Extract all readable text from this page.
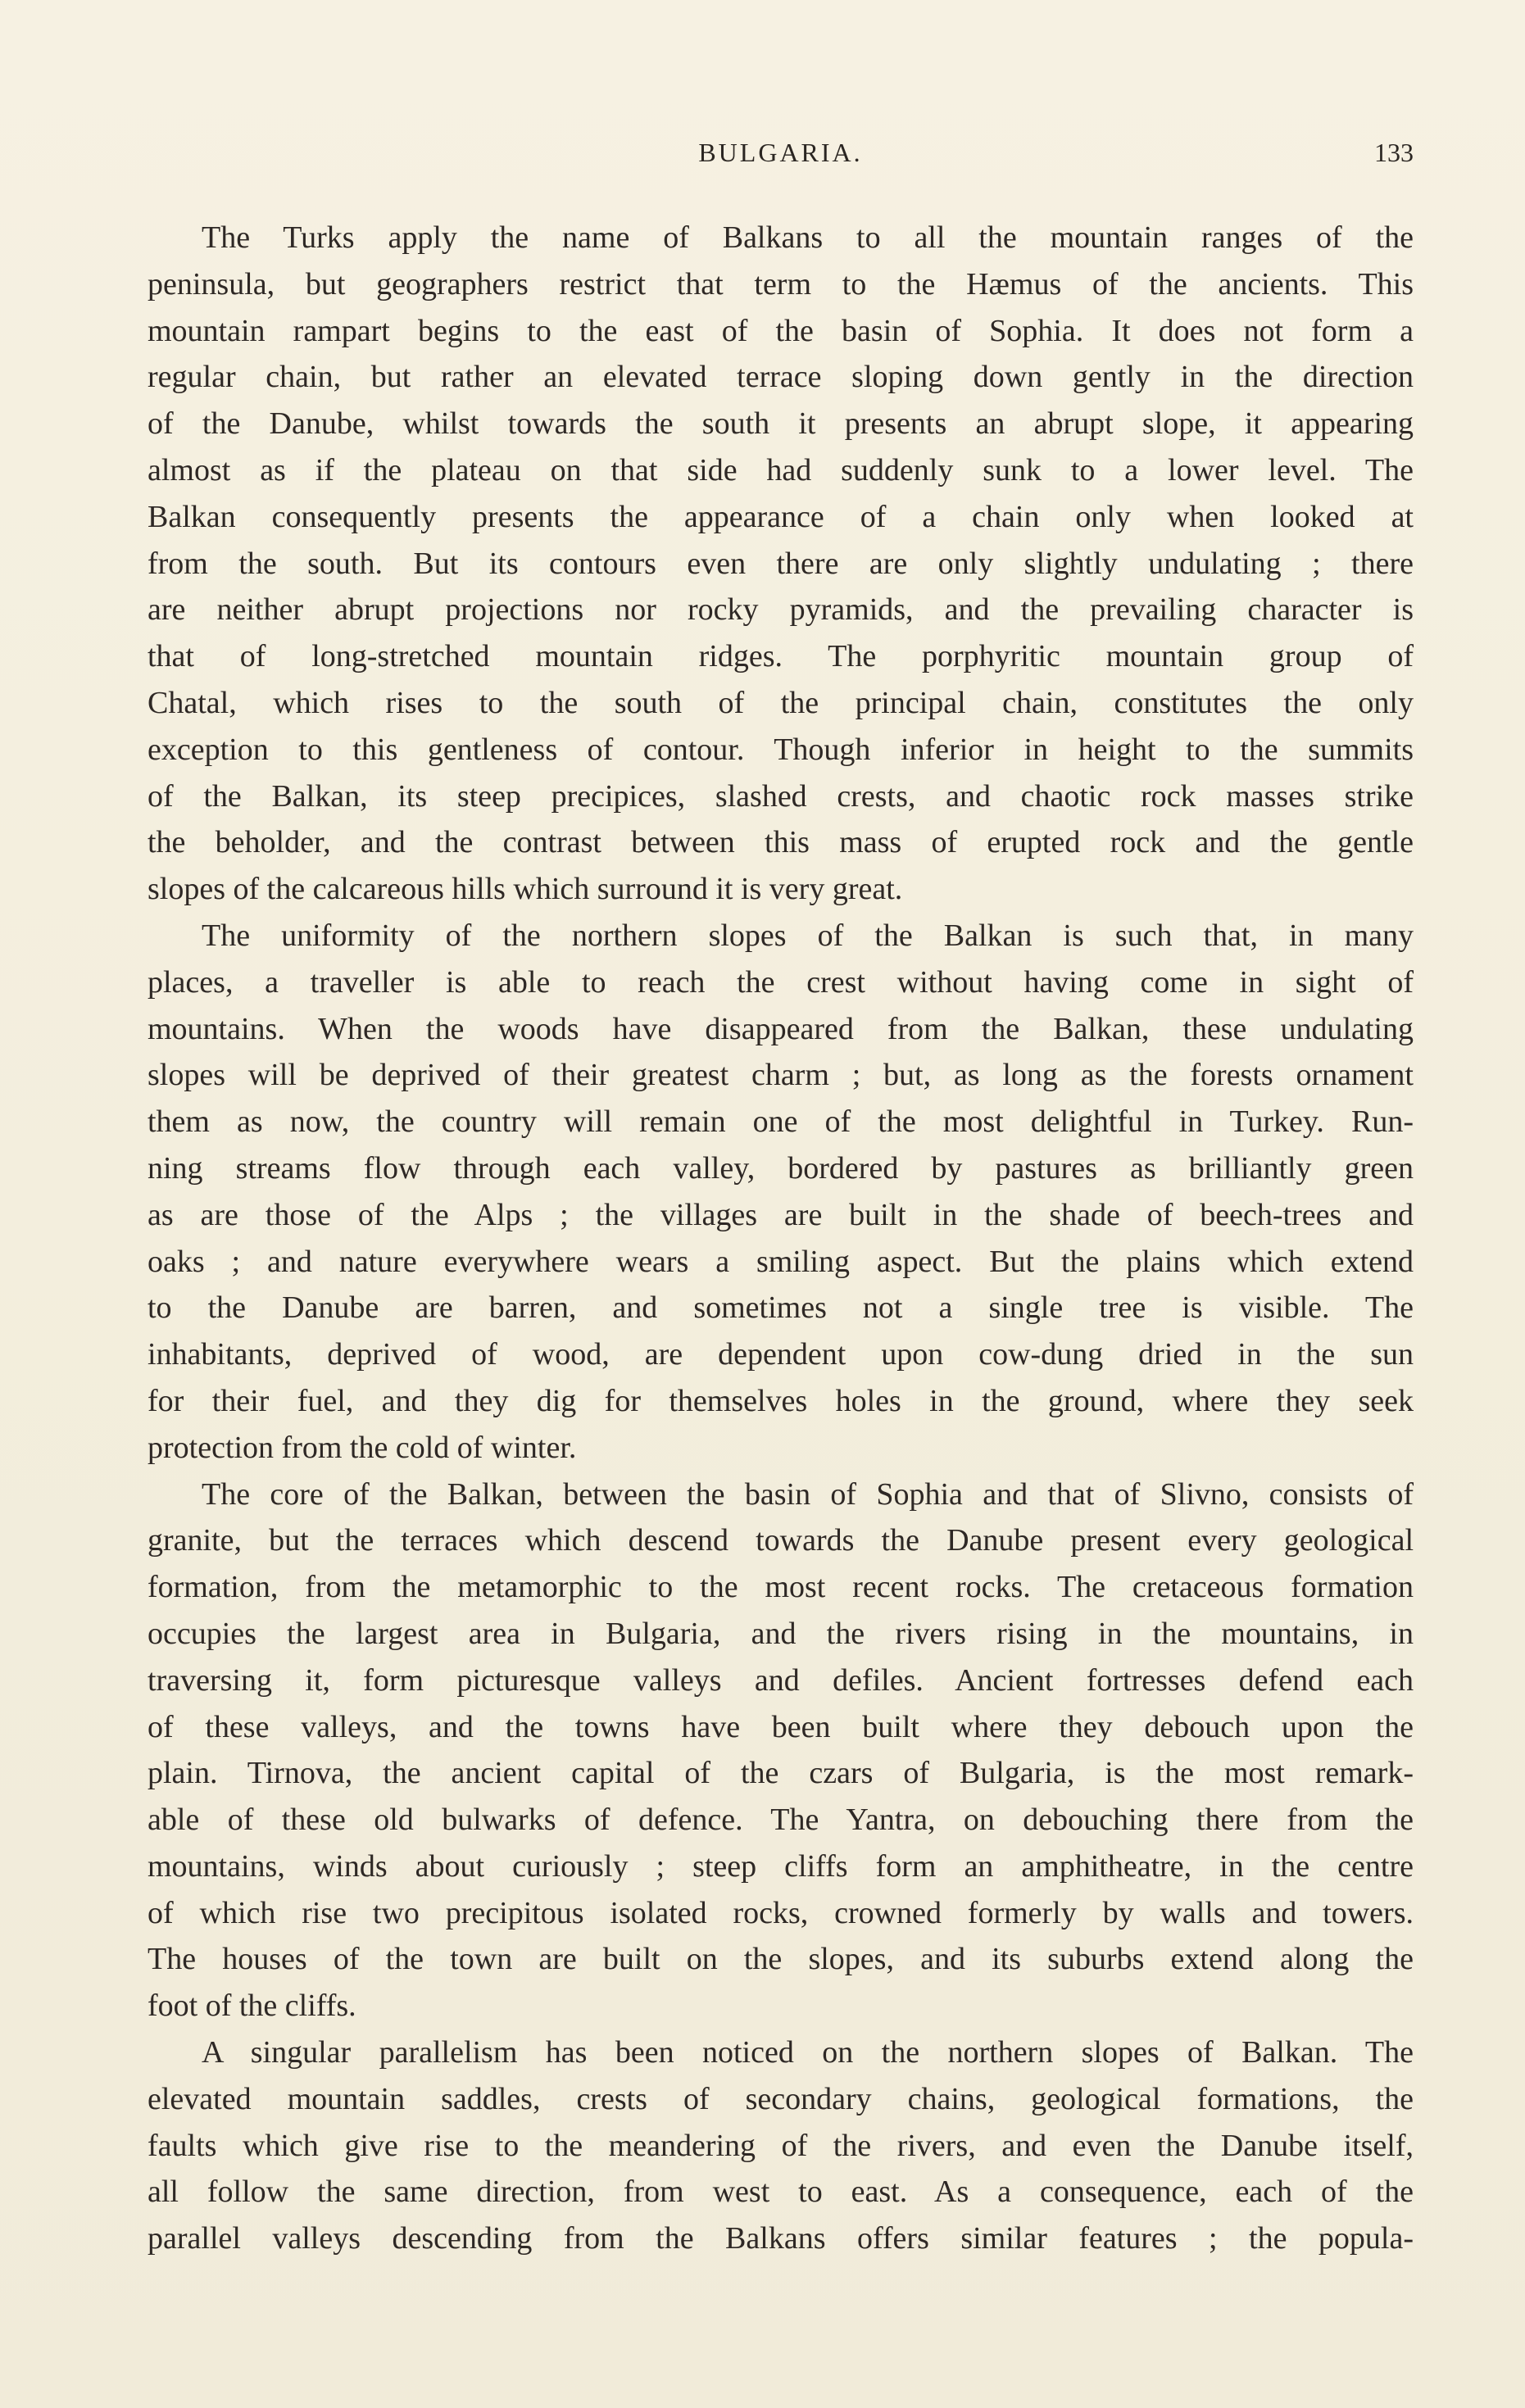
BULGARIA.	133

The Turks apply the name of Balkans to all the mountain ranges of the
peninsula, but geographers restrict that term to the Hæmus of the ancients. This
mountain rampart begins to the east of the basin of Sophia. It does not form a
regular chain, but rather an elevated terrace sloping down gently in the direction
of the Danube, whilst towards the south it presents an abrupt slope, it appearing
almost as if the plateau on that side had suddenly sunk to a lower level. The
Balkan consequently presents the appearance of a chain only when looked at
from the south. But its contours even there are only slightly undulating ; there
are neither abrupt projections nor rocky pyramids, and the prevailing character is
that of long-stretched mountain ridges. The porphyritic mountain group of
Chatal, which rises to the south of the principal chain, constitutes the only
exception to this gentleness of contour. Though inferior in height to the summits
of the Balkan, its steep precipices, slashed crests, and chaotic rock masses strike
the beholder, and the contrast between this mass of erupted rock and the gentle
slopes of the calcareous hills which surround it is very great.

The uniformity of the northern slopes of the Balkan is such that, in many
places, a traveller is able to reach the crest without having come in sight of
mountains. When the woods have disappeared from the Balkan, these undulating
slopes will be deprived of their greatest charm ; but, as long as the forests ornament
them as now, the country will remain one of the most delightful in Turkey. Run-
ning streams flow through each valley, bordered by pastures as brilliantly green
as are those of the Alps ; the villages are built in the shade of beech-trees and
oaks ; and nature everywhere wears a smiling aspect. But the plains which extend
to the Danube are barren, and sometimes not a single tree is visible. The
inhabitants, deprived of wood, are dependent upon cow-dung dried in the sun
for their fuel, and they dig for themselves holes in the ground, where they seek
protection from the cold of winter.

The core of the Balkan, between the basin of Sophia and that of Slivno, consists of
granite, but the terraces which descend towards the Danube present every geological
formation, from the metamorphic to the most recent rocks. The cretaceous formation
occupies the largest area in Bulgaria, and the rivers rising in the mountains, in
traversing it, form picturesque valleys and defiles. Ancient fortresses defend each
of these valleys, and the towns have been built where they debouch upon the
plain. Tirnova, the ancient capital of the czars of Bulgaria, is the most remark-
able of these old bulwarks of defence. The Yantra, on debouching there from the
mountains, winds about curiously ; steep cliffs form an amphitheatre, in the centre
of which rise two precipitous isolated rocks, crowned formerly by walls and towers.
The houses of the town are built on the slopes, and its suburbs extend along the
foot of the cliffs.

A singular parallelism has been noticed on the northern slopes of Balkan. The
elevated mountain saddles, crests of secondary chains, geological formations, the
faults which give rise to the meandering of the rivers, and even the Danube itself,
all follow the same direction, from west to east. As a consequence, each of the
parallel valleys descending from the Balkans offers similar features ; the popula-
